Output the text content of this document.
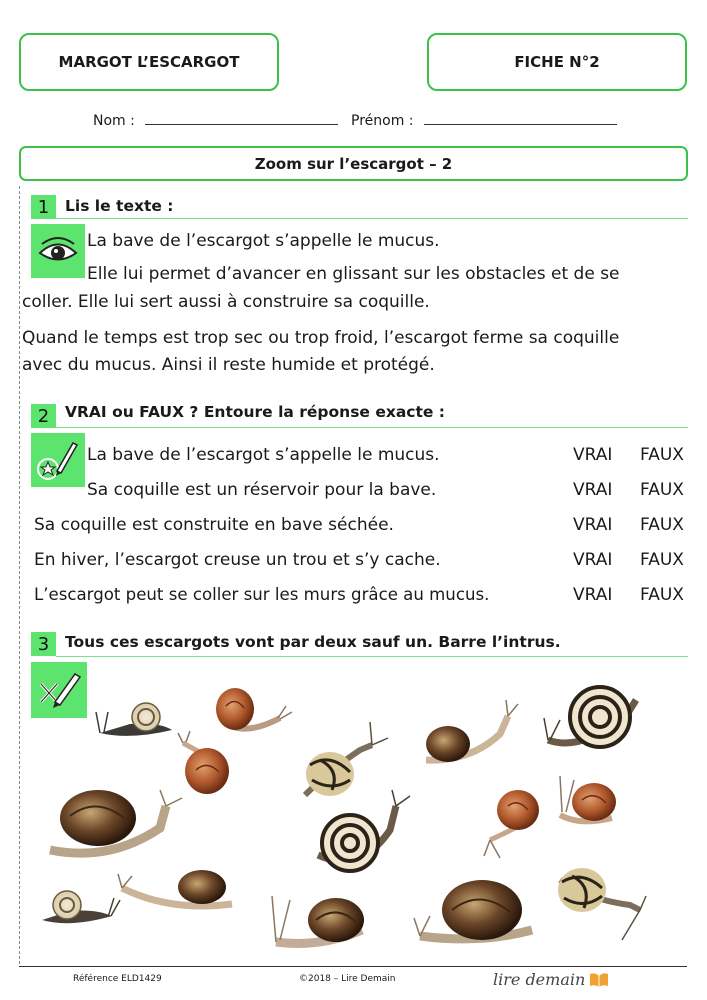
MARGOT L’ESCARGOT	FICHE N°2
Nom :	Prénom :
Zoom sur l’escargot – 2
1	Lis le texte :
La bave de l’escargot s’appelle le mucus.
Elle lui permet d’avancer en glissant sur les obstacles et de se
coller. Elle lui sert aussi à construire sa coquille.
Quand le temps est trop sec ou trop froid, l’escargot ferme sa coquille
avec du mucus. Ainsi il reste humide et protégé.
2	VRAI ou FAUX ? Entoure la réponse exacte :
La bave de l’escargot s’appelle le mucus.	VRAI FAUX
Sa coquille est un réservoir pour la bave.	VRAI FAUX
Sa coquille est construite en bave séchée.	VRAI FAUX
En hiver, l’escargot creuse un trou et s’y cache.	VRAI FAUX
L’escargot peut se coller sur les murs grâce au mucus.	VRAI FAUX
3	Tous ces escargots vont par deux sauf un. Barre l’intrus.
Référence ELD1429	©2018 – Lire Demain	lire demain
